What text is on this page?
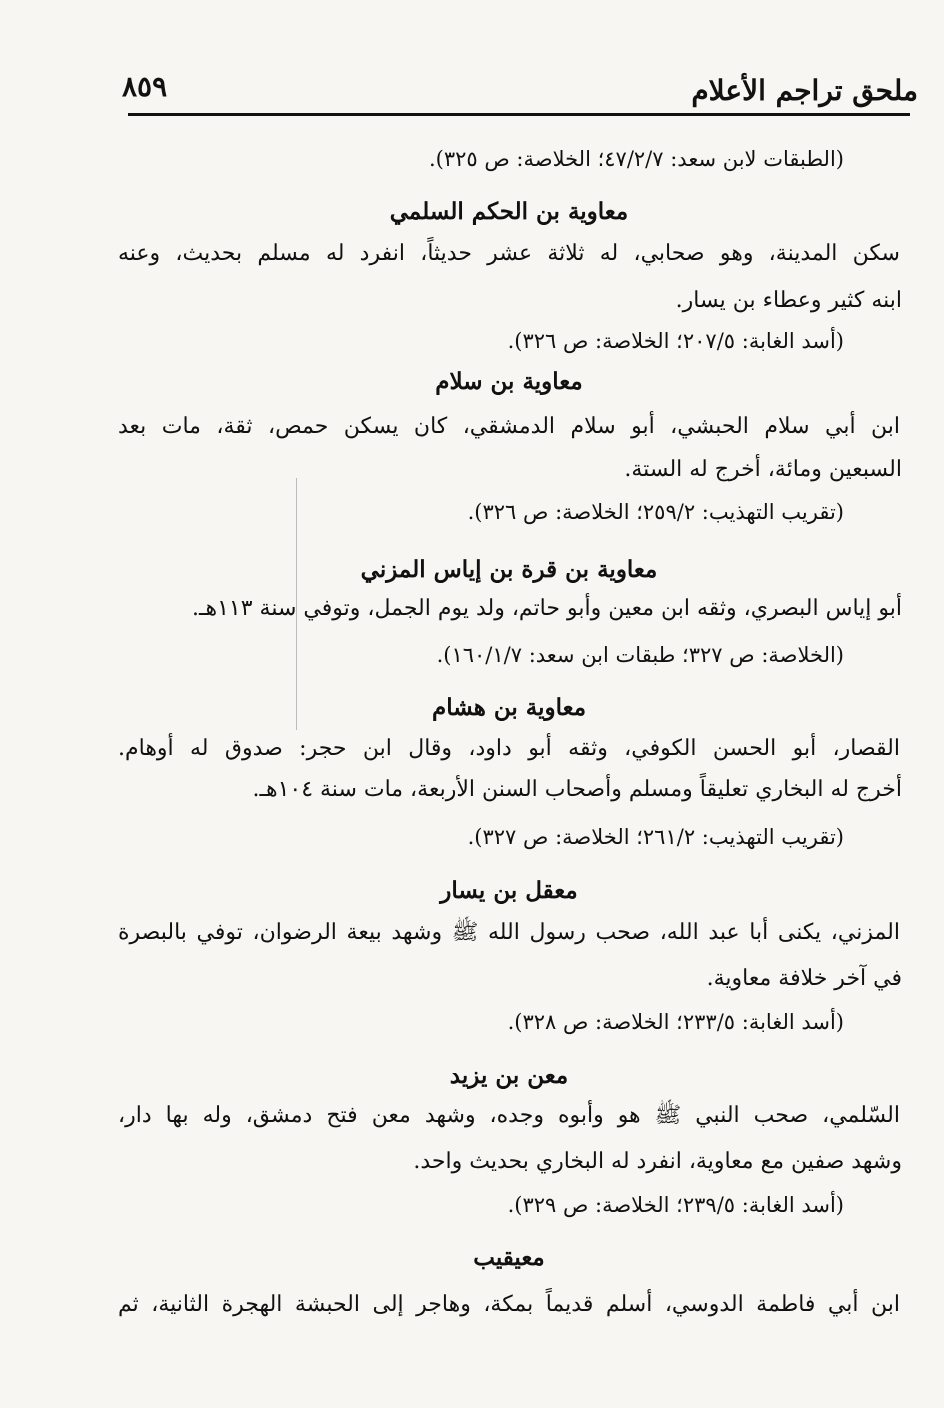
ملحق تراجم الأعلام
٨٥٩
(الطبقات لابن سعد: ٤٧/٢/٧؛ الخلاصة: ص ٣٢٥).
معاوية بن الحكم السلمي
سكن المدينة، وهو صحابي، له ثلاثة عشر حديثاً، انفرد له مسلم بحديث، وعنه
ابنه كثير وعطاء بن يسار.
(أسد الغابة: ٢٠٧/٥؛ الخلاصة: ص ٣٢٦).
معاوية بن سلام
ابن أبي سلام الحبشي، أبو سلام الدمشقي، كان يسكن حمص، ثقة، مات بعد
السبعين ومائة، أخرج له الستة.
(تقريب التهذيب: ٢٥٩/٢؛ الخلاصة: ص ٣٢٦).
معاوية بن قرة بن إياس المزني
أبو إياس البصري، وثقه ابن معين وأبو حاتم، ولد يوم الجمل، وتوفي سنة ١١٣هـ.
(الخلاصة: ص ٣٢٧؛ طبقات ابن سعد: ١٦٠/١/٧).
معاوية بن هشام
القصار، أبو الحسن الكوفي، وثقه أبو داود، وقال ابن حجر: صدوق له أوهام.
أخرج له البخاري تعليقاً ومسلم وأصحاب السنن الأربعة، مات سنة ١٠٤هـ.
(تقريب التهذيب: ٢٦١/٢؛ الخلاصة: ص ٣٢٧).
معقل بن يسار
المزني، يكنى أبا عبد الله، صحب رسول الله ﷺ وشهد بيعة الرضوان، توفي بالبصرة
في آخر خلافة معاوية.
(أسد الغابة: ٢٣٣/٥؛ الخلاصة: ص ٣٢٨).
معن بن يزيد
السّلمي، صحب النبي ﷺ هو وأبوه وجده، وشهد معن فتح دمشق، وله بها دار،
وشهد صفين مع معاوية، انفرد له البخاري بحديث واحد.
(أسد الغابة: ٢٣٩/٥؛ الخلاصة: ص ٣٢٩).
معيقيب
ابن أبي فاطمة الدوسي، أسلم قديماً بمكة، وهاجر إلى الحبشة الهجرة الثانية، ثم
